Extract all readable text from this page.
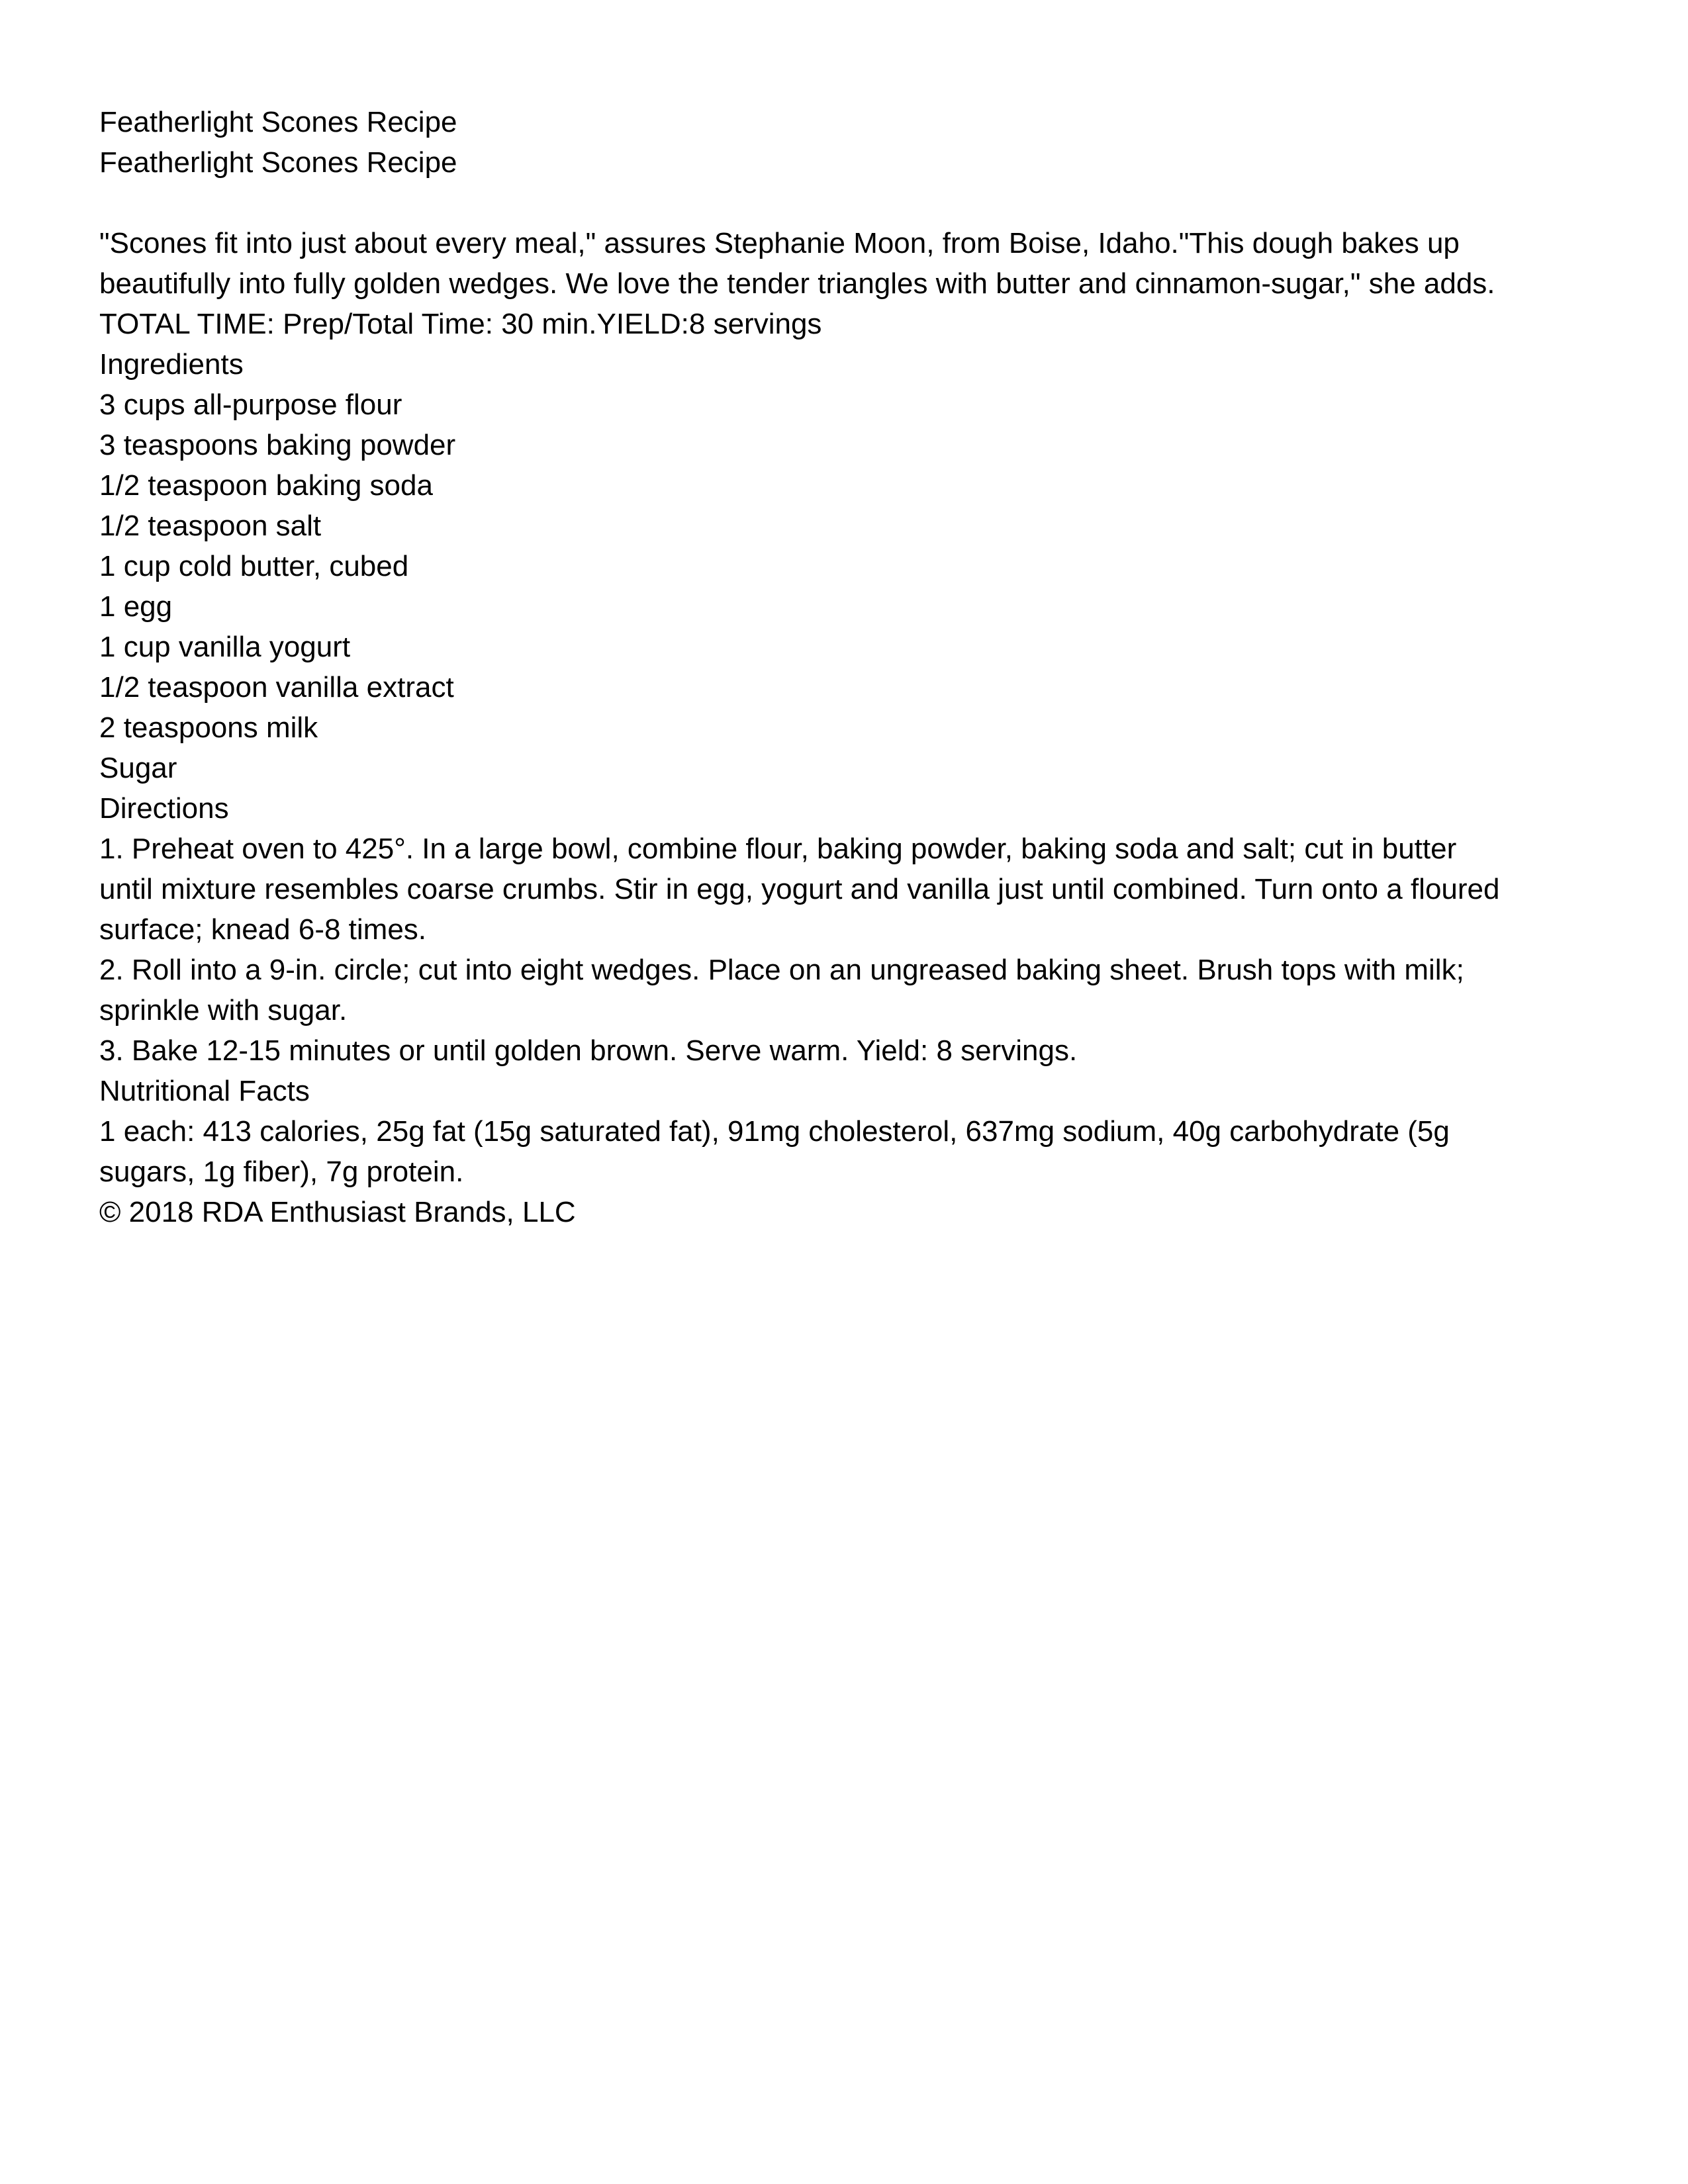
Featherlight Scones Recipe
Featherlight Scones Recipe
"Scones fit into just about every meal," assures Stephanie Moon, from Boise, Idaho."This dough bakes up
beautifully into fully golden wedges. We love the tender triangles with butter and cinnamon-sugar," she adds.
TOTAL TIME: Prep/Total Time: 30 min.YIELD:8 servings
Ingredients
3 cups all-purpose flour
3 teaspoons baking powder
1/2 teaspoon baking soda
1/2 teaspoon salt
1 cup cold butter, cubed
1 egg
1 cup vanilla yogurt
1/2 teaspoon vanilla extract
2 teaspoons milk
Sugar
Directions
1. Preheat oven to 425°. In a large bowl, combine flour, baking powder, baking soda and salt; cut in butter
until mixture resembles coarse crumbs. Stir in egg, yogurt and vanilla just until combined. Turn onto a floured
surface; knead 6-8 times.
2. Roll into a 9-in. circle; cut into eight wedges. Place on an ungreased baking sheet. Brush tops with milk;
sprinkle with sugar.
3. Bake 12-15 minutes or until golden brown. Serve warm. Yield: 8 servings.
Nutritional Facts
1 each: 413 calories, 25g fat (15g saturated fat), 91mg cholesterol, 637mg sodium, 40g carbohydrate (5g
sugars, 1g fiber), 7g protein.
© 2018 RDA Enthusiast Brands, LLC
